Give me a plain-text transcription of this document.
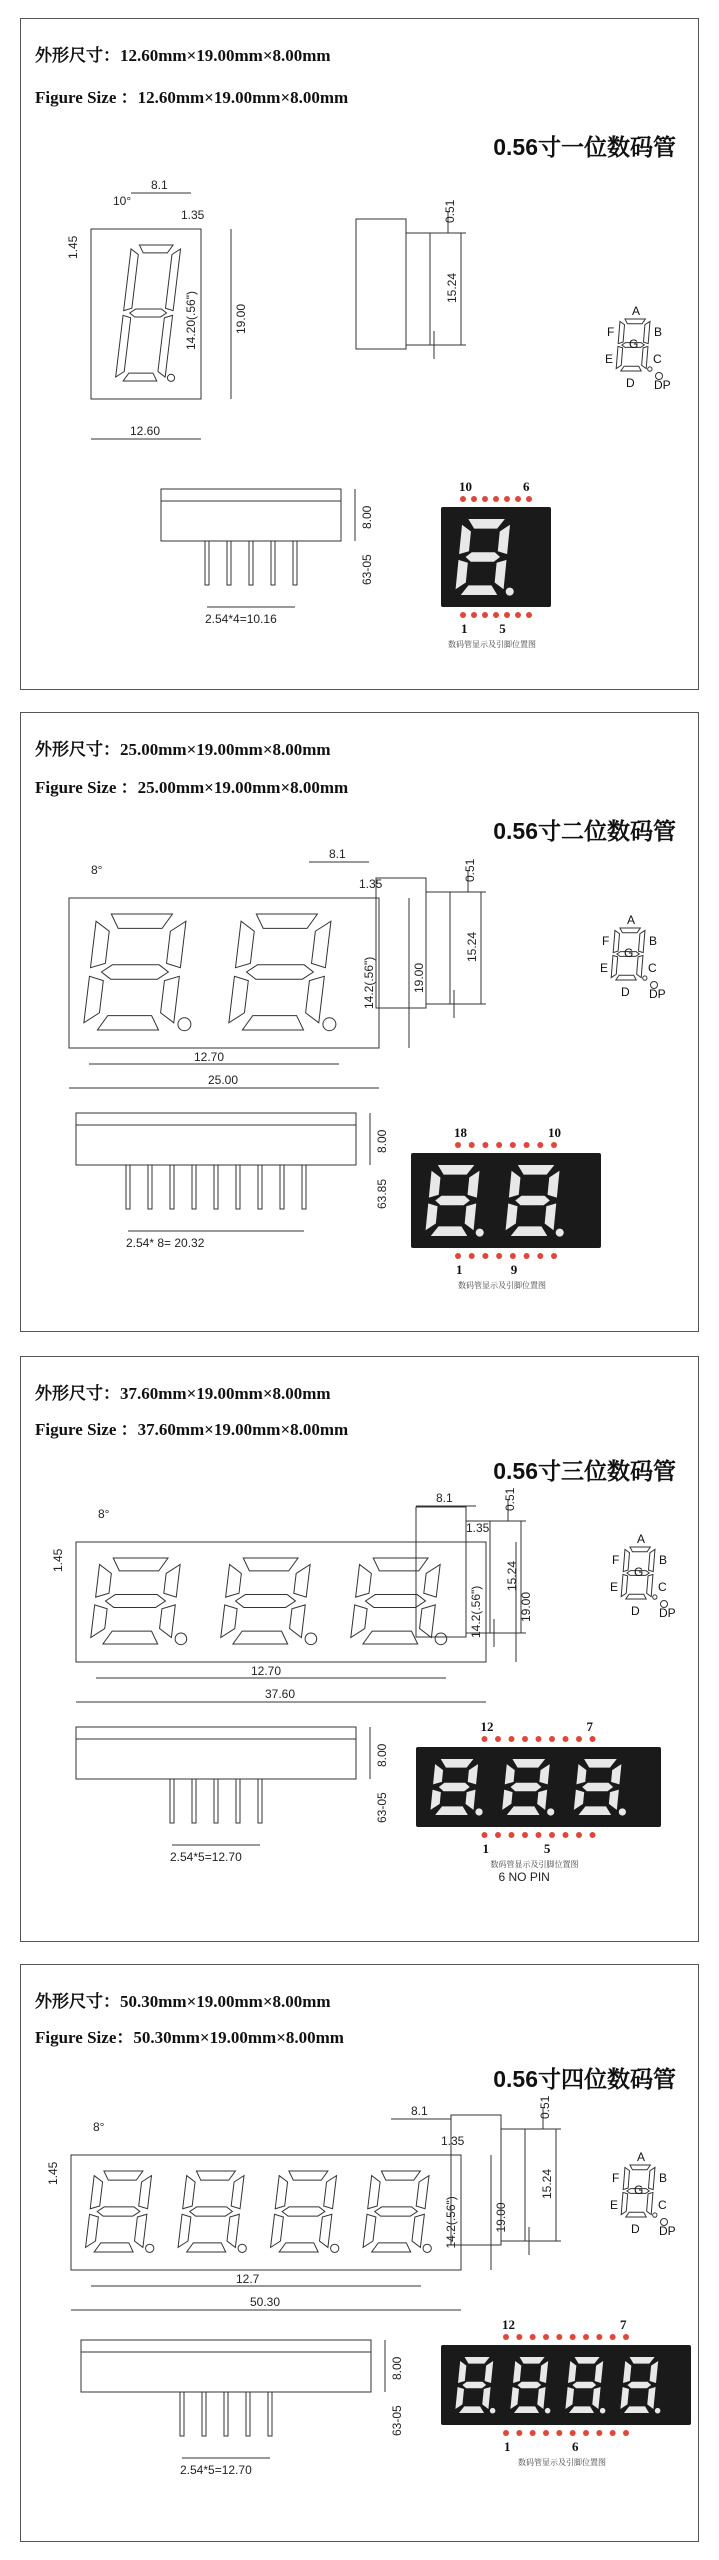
外形尺寸：12.60mm×19.00mm×8.00mm
Figure Size ：12.60mm×19.00mm×8.00mm
0.56寸一位数码管
8.1
1.35
10°
19.00
14.20(.56")
1.45
12.60
0.51
15.24
A
B
C
D
E
F
G
DP
2.54*4=10.16
8.00
63-05
10	6
1 5
数码管显示及引脚位置图
外形尺寸：25.00mm×19.00mm×8.00mm
Figure Size ：25.00mm×19.00mm×8.00mm
0.56寸二位数码管
8.1
1.35
8°
19.00
14.2(.56")
25.00
12.70
0.51
15.24
A
B
C
D
E
F
G
DP
2.54* 8= 20.32
8.00
63.85
18	10
1	9
数码管显示及引脚位置图
外形尺寸：37.60mm×19.00mm×8.00mm
Figure Size ：37.60mm×19.00mm×8.00mm
0.56寸三位数码管
8.1
1.35
8°
19.00
14.2(.56")
1.45
37.60
12.70
0.51
15.24
A
B
C
D
E
F
G
DP
2.54*5=12.70
8.00
63-05
12	7
1	5
数码管显示及引脚位置图
6 NO PIN
外形尺寸：50.30mm×19.00mm×8.00mm
Figure Size：50.30mm×19.00mm×8.00mm
0.56寸四位数码管
8.1
1.35
8°
19.00
14.2(.56")
1.45
50.30
12.7
0.51
15.24
A
B
C
D
E
F
G
DP
2.54*5=12.70
8.00
63-05
12	7
1	6
数码管显示及引脚位置图
